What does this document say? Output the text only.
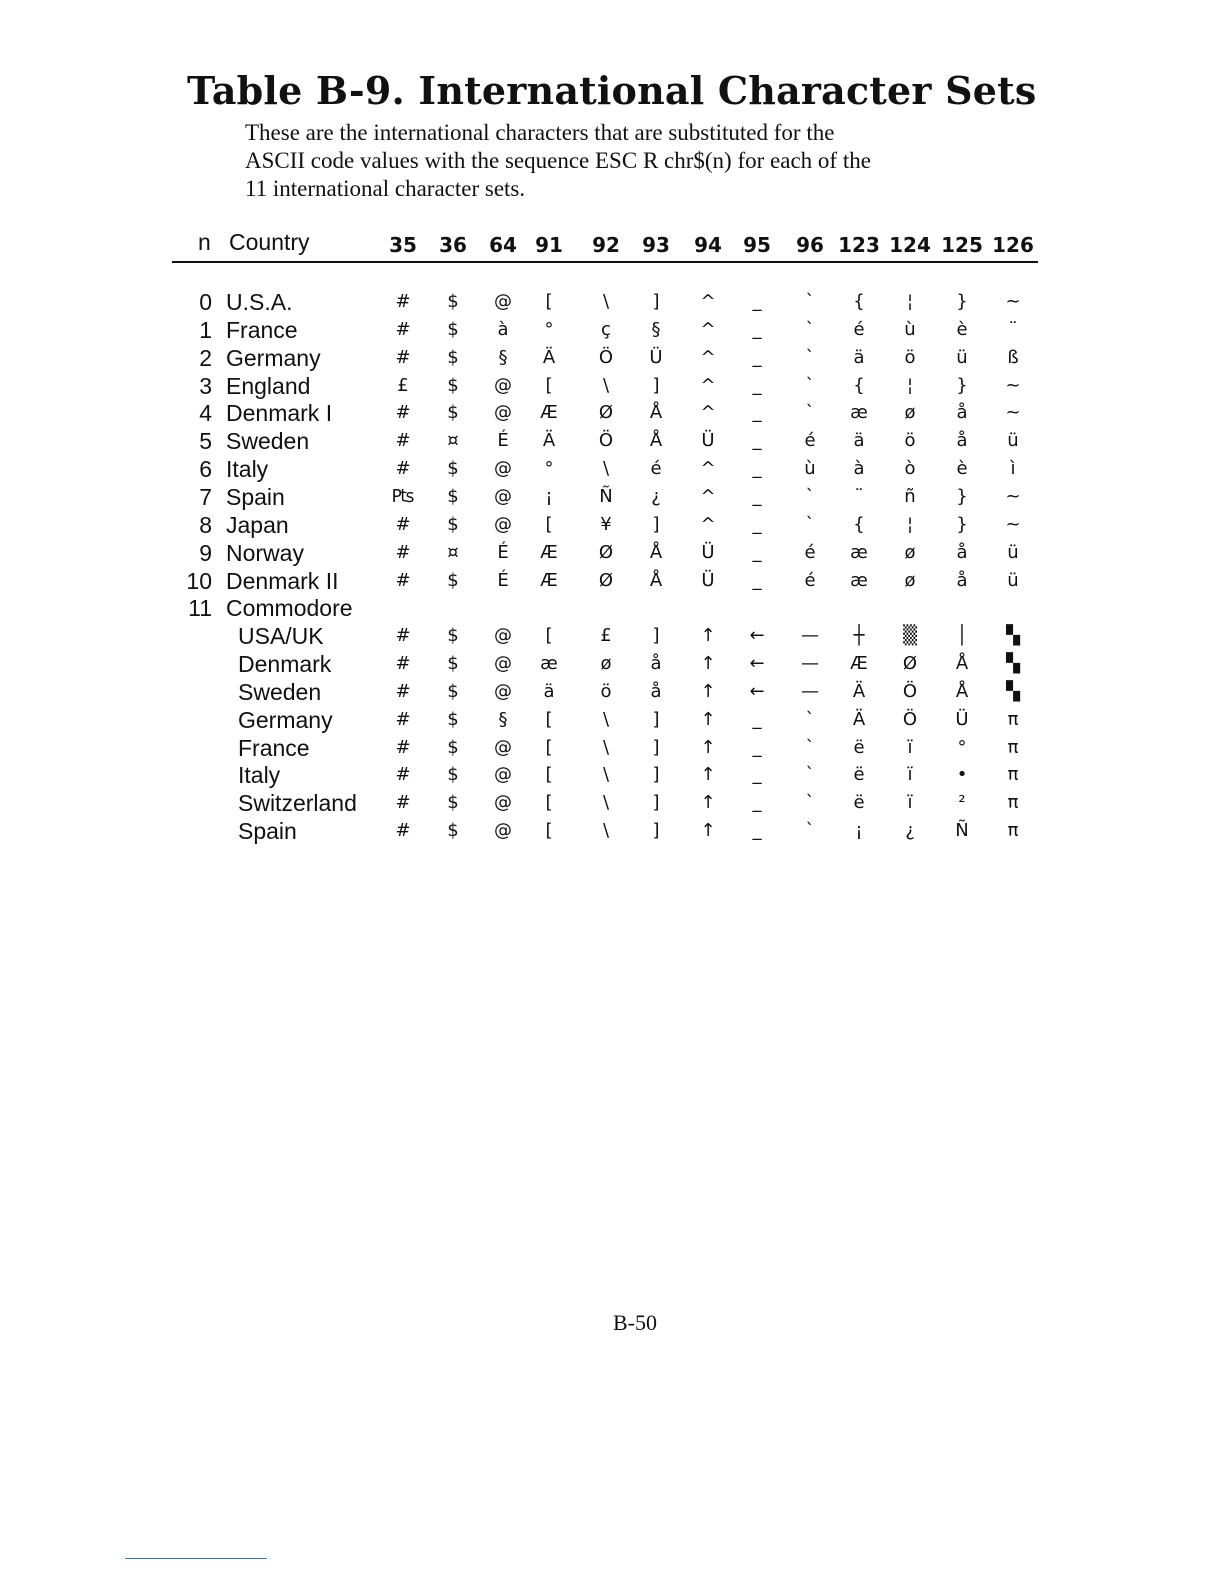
Table B-9. International Character Sets
These are the international characters that are substituted for the
ASCII code values with the sequence ESC R chr$(n) for each of the
11 international character sets.
n Country	35	36	64 91	92	93	94	95	96 123 124 125 126
0 U.S.A.	#	$	@	[	\	]	^	_	`	{	¦	}	~
1 France	#	$	à	°	ç	§	^	_	`	é	ù	è	¨
2 Germany	#	$	§	Ä	Ö	Ü	^	_	`	ä	ö	ü	ß
3 England	£	$	@	[	\	]	^	_	`	{	¦	}	~
4 Denmark I	#	$	@	Æ	Ø	Å	^	_	`	æ	ø	å	~
5 Sweden	#	¤	É	Ä	Ö	Å	Ü	_	é	ä	ö	å	ü
6 Italy	#	$	@	°	\	é	^	_	ù	à	ò	è	ì
7 Spain	₧	$	@	¡	Ñ	¿	^	_	`	¨	ñ	}	~
8 Japan	#	$	@	[	¥	]	^	_	`	{	¦	}	~
9 Norway	#	¤	É	Æ	Ø	Å	Ü	_	é	æ	ø	å	ü
10 Denmark II	#	$	É	Æ	Ø	Å	Ü	_	é	æ	ø	å	ü
11 Commodore
USA/UK	#	$	@	[	£	]	↑	←	—	┼	▒	│	▚
Denmark	#	$	@	æ	ø	å	↑	←	—	Æ	Ø	Å	▚
Sweden	#	$	@	ä	ö	å	↑	←	—	Ä	Ö	Å	▚
Germany	#	$	§	[	\	]	↑	_	`	Ä	Ö	Ü	π
France	#	$	@	[	\	]	↑	_	`	ë	ï	°	π
Italy	#	$	@	[	\	]	↑	_	`	ë	ï	•	π
Switzerland	#	$	@	[	\	]	↑	_	`	ë	ï	²	π
Spain	#	$	@	[	\	]	↑	_	`	¡	¿	Ñ	π

B-50
